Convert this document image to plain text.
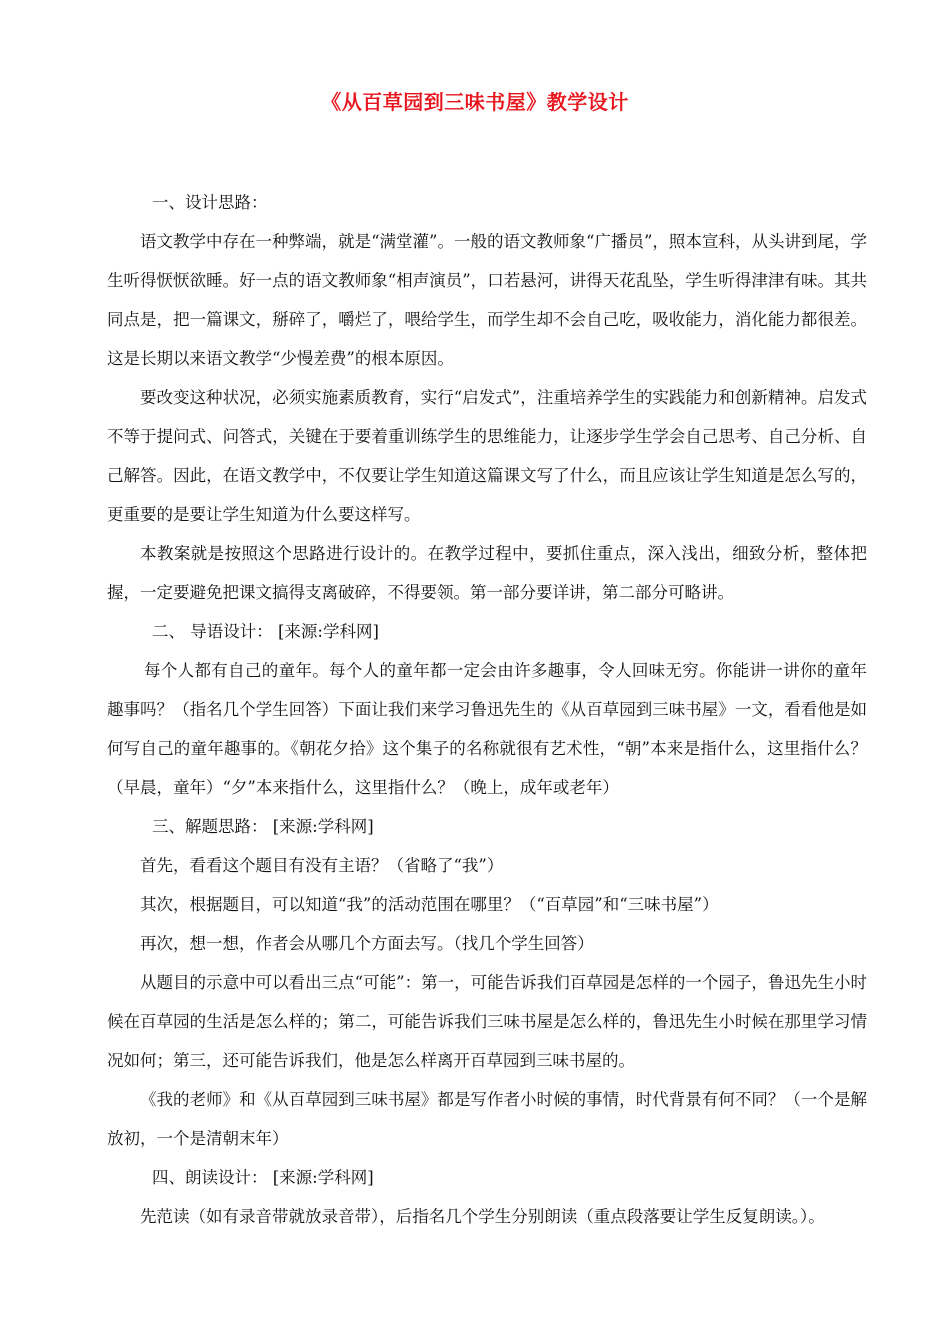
《从百草园到三味书屋》教学设计

一、设计思路：

语文教学中存在一种弊端，就是“满堂灌”。一般的语文教师象“广播员”，照本宣科，从头讲到尾，学生听得恹恹欲睡。好一点的语文教师象“相声演员”，口若悬河，讲得天花乱坠，学生听得津津有味。其共同点是，把一篇课文，掰碎了，嚼烂了，喂给学生，而学生却不会自己吃，吸收能力，消化能力都很差。这是长期以来语文教学“少慢差费”的根本原因。

要改变这种状况，必须实施素质教育，实行“启发式”，注重培养学生的实践能力和创新精神。启发式不等于提问式、问答式，关键在于要着重训练学生的思维能力，让逐步学生学会自己思考、自己分析、自己解答。因此，在语文教学中，不仅要让学生知道这篇课文写了什么，而且应该让学生知道是怎么写的，更重要的是要让学生知道为什么要这样写。

本教案就是按照这个思路进行设计的。在教学过程中，要抓住重点，深入浅出，细致分析，整体把握，一定要避免把课文搞得支离破碎，不得要领。第一部分要详讲，第二部分可略讲。

二、 导语设计： [来源:学科网]

每个人都有自己的童年。每个人的童年都一定会由许多趣事，令人回味无穷。你能讲一讲你的童年趣事吗？（指名几个学生回答）下面让我们来学习鲁迅先生的《从百草园到三味书屋》一文，看看他是如何写自己的童年趣事的。《朝花夕拾》这个集子的名称就很有艺术性，“朝”本来是指什么，这里指什么？（早晨，童年）“夕”本来指什么，这里指什么？（晚上，成年或老年）

三、解题思路： [来源:学科网]

首先，看看这个题目有没有主语？（省略了“我”）

其次，根据题目，可以知道“我”的活动范围在哪里？（“百草园”和“三味书屋”）

再次，想一想，作者会从哪几个方面去写。（找几个学生回答）

从题目的示意中可以看出三点“可能”：第一，可能告诉我们百草园是怎样的一个园子，鲁迅先生小时候在百草园的生活是怎么样的；第二，可能告诉我们三味书屋是怎么样的，鲁迅先生小时候在那里学习情况如何；第三，还可能告诉我们，他是怎么样离开百草园到三味书屋的。

《我的老师》和《从百草园到三味书屋》都是写作者小时候的事情，时代背景有何不同？（一个是解放初，一个是清朝末年）

四、朗读设计： [来源:学科网]

先范读（如有录音带就放录音带），后指名几个学生分别朗读（重点段落要让学生反复朗读。）。
